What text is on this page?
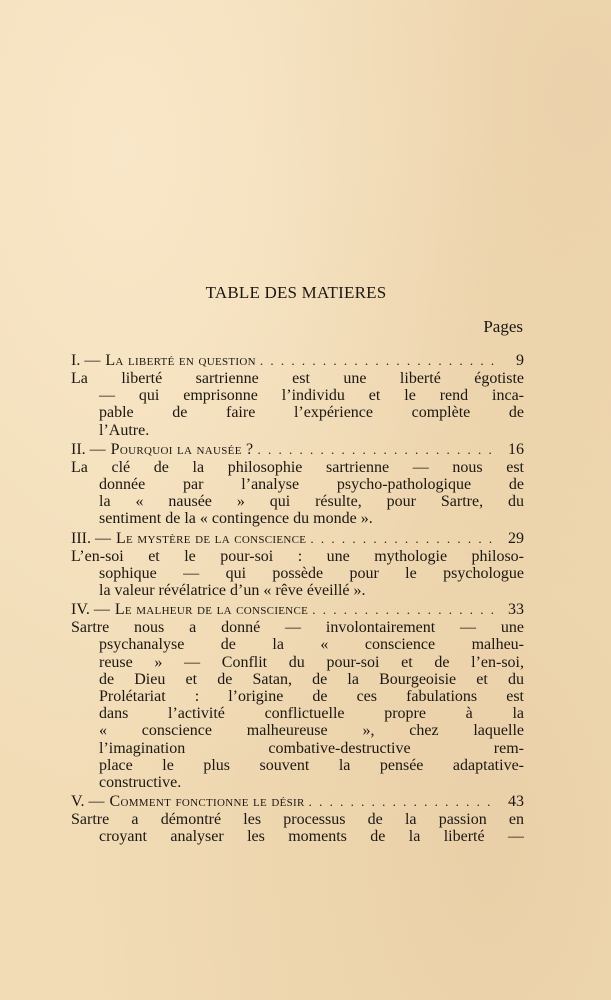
TABLE DES MATIERES
Pages
I. — La liberté en question . . .	9
La liberté sartrienne est une liberté égotiste
— qui emprisonne l’individu et le rend inca-
pable de faire l’expérience complète de
l’Autre.
II. — Pourquoi la nausée ? . . .	16
La clé de la philosophie sartrienne — nous est
donnée par l’analyse psycho-pathologique de
la « nausée » qui résulte, pour Sartre, du
sentiment de la « contingence du monde ».
III. — Le mystère de la conscience . . .	29
L’en-soi et le pour-soi : une mythologie philoso-
sophique — qui possède pour le psychologue
la valeur révélatrice d’un « rêve éveillé ».
IV. — Le malheur de la conscience . . .	33
Sartre nous a donné — involontairement — une
psychanalyse de la « conscience malheu-
reuse » — Conflit du pour-soi et de l’en-soi,
de Dieu et de Satan, de la Bourgeoisie et du
Prolétariat : l’origine de ces fabulations est
dans l’activité conflictuelle propre à la
« conscience malheureuse », chez laquelle
l’imagination combative-destructive rem-
place le plus souvent la pensée adaptative-
constructive.
V. — Comment fonctionne le désir . . .	43
Sartre a démontré les processus de la passion en
croyant analyser les moments de la liberté —
